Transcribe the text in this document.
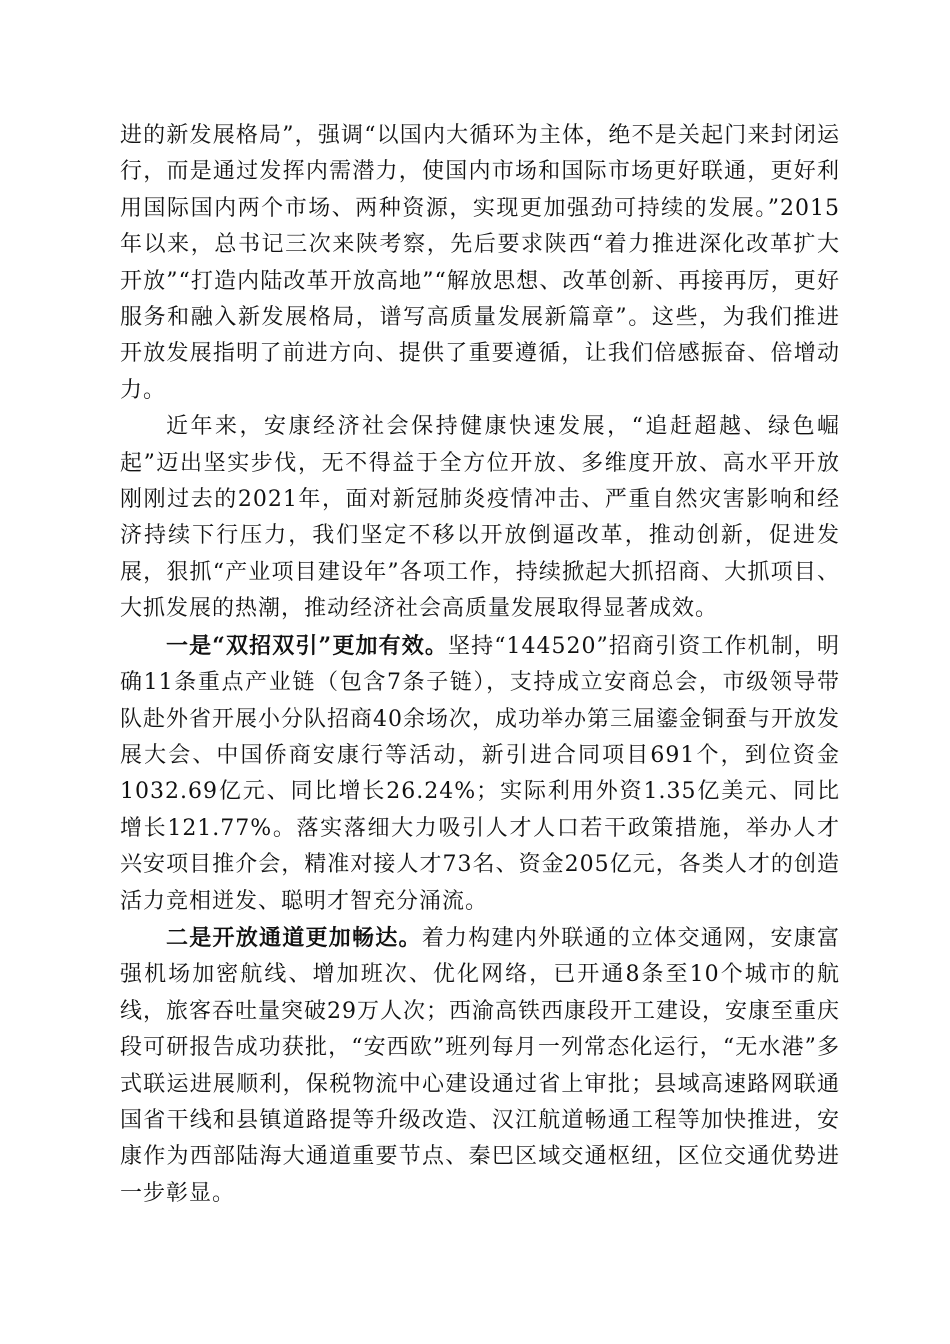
进的新发展格局”，强调“以国内大循环为主体，绝不是关起门来封闭运行，而是通过发挥内需潜力，使国内市场和国际市场更好联通，更好利用国际国内两个市场、两种资源，实现更加强劲可持续的发展。”2015年以来，总书记三次来陕考察，先后要求陕西“着力推进深化改革扩大开放”“打造内陆改革开放高地”“解放思想、改革创新、再接再厉，更好服务和融入新发展格局，谱写高质量发展新篇章”。这些，为我们推进开放发展指明了前进方向、提供了重要遵循，让我们倍感振奋、倍增动力。

近年来，安康经济社会保持健康快速发展，“追赶超越、绿色崛起”迈出坚实步伐，无不得益于全方位开放、多维度开放、高水平开放刚刚过去的2021年，面对新冠肺炎疫情冲击、严重自然灾害影响和经济持续下行压力，我们坚定不移以开放倒逼改革，推动创新，促进发展，狠抓“产业项目建设年”各项工作，持续掀起大抓招商、大抓项目、大抓发展的热潮，推动经济社会高质量发展取得显著成效。

一是“双招双引”更加有效。坚持“144520”招商引资工作机制，明确11条重点产业链（包含7条子链），支持成立安商总会，市级领导带队赴外省开展小分队招商40余场次，成功举办第三届鎏金铜蚕与开放发展大会、中国侨商安康行等活动，新引进合同项目691个，到位资金1032.69亿元、同比增长26.24%；实际利用外资1.35亿美元、同比增长121.77%。落实落细大力吸引人才人口若干政策措施，举办人才兴安项目推介会，精准对接人才73名、资金205亿元，各类人才的创造活力竞相迸发、聪明才智充分涌流。

二是开放通道更加畅达。着力构建内外联通的立体交通网，安康富强机场加密航线、增加班次、优化网络，已开通8条至10个城市的航线，旅客吞吐量突破29万人次；西渝高铁西康段开工建设，安康至重庆段可研报告成功获批，“安西欧”班列每月一列常态化运行，“无水港”多式联运进展顺利，保税物流中心建设通过省上审批；县域高速路网联通国省干线和县镇道路提等升级改造、汉江航道畅通工程等加快推进，安康作为西部陆海大通道重要节点、秦巴区域交通枢纽，区位交通优势进一步彰显。
